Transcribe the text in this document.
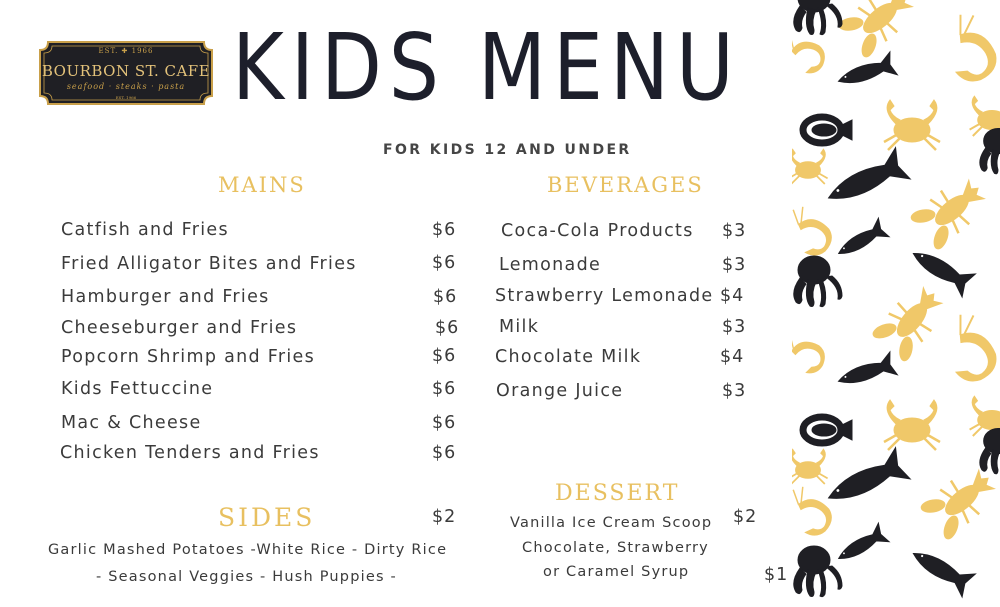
EST. ✚ 1966
BOURBON ST. CAFE
seafood · steaks · pasta
EST. 1966	KIDS MENU
FOR KIDS 12 AND UNDER
MAINS
Catfish and Fries	$6
Fried Alligator Bites and Fries	$6
Hamburger and Fries	$6
Cheeseburger and Fries	$6
Popcorn Shrimp and Fries	$6
Kids Fettuccine	$6
Mac & Cheese	$6
Chicken Tenders and Fries	$6
BEVERAGES
Coca-Cola Products $3
Lemonade	$3
Strawberry Lemonade $4
Milk	$3
Chocolate Milk	$4
Orange Juice	$3
SIDES	$2
Garlic Mashed Potatoes -White Rice - Dirty Rice
- Seasonal Veggies - Hush Puppies -
DESSERT
Vanilla Ice Cream Scoop $2
Chocolate, Strawberry
or Caramel Syrup	$1
